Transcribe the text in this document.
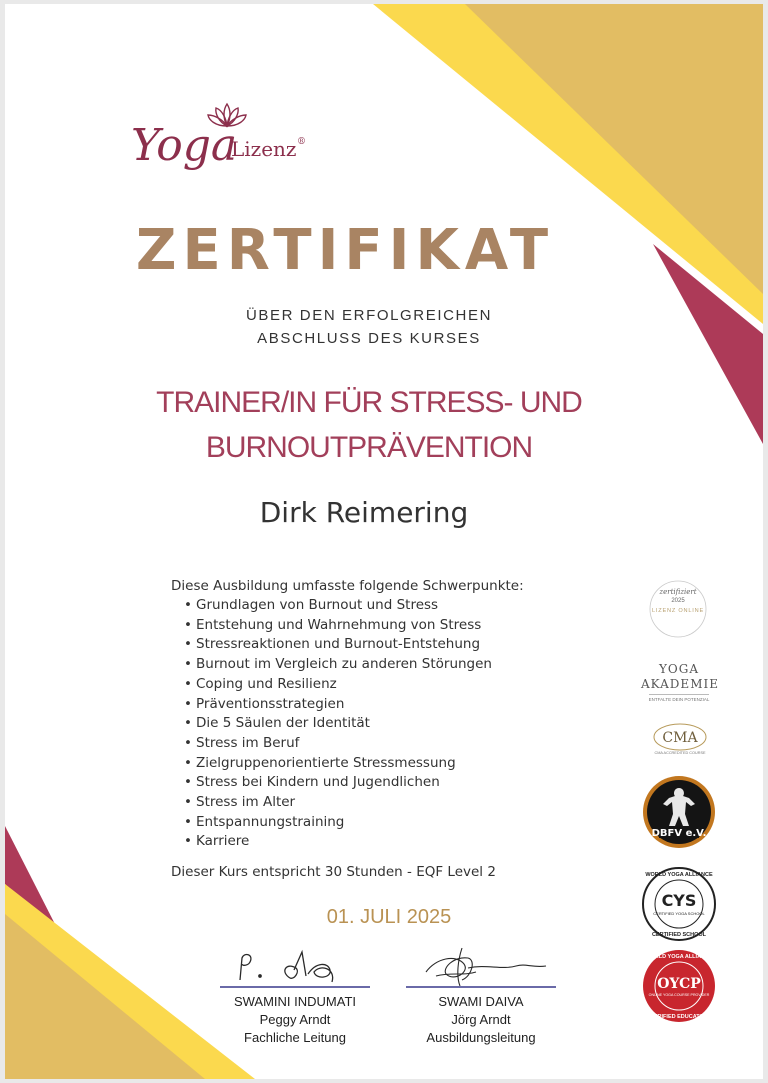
Yoga
Lizenz ®
ZERTIFIKAT
ÜBER DEN ERFOLGREICHEN
ABSCHLUSS DES KURSES
TRAINER/IN FÜR STRESS- UND
BURNOUTPRÄVENTION
Dirk Reimering
Diese Ausbildung umfasste folgende Schwerpunkte:
• Grundlagen von Burnout und Stress
• Entstehung und Wahrnehmung von Stress
• Stressreaktionen und Burnout-Entstehung
• Burnout im Vergleich zu anderen Störungen
• Coping und Resilienz
• Präventionsstrategien
• Die 5 Säulen der Identität
• Stress im Beruf
• Zielgruppenorientierte Stressmessung
• Stress bei Kindern und Jugendlichen
• Stress im Alter
• Entspannungstraining
• Karriere
Dieser Kurs entspricht 30 Stunden - EQF Level 2
01. JULI 2025
SWAMINI INDUMATI
Peggy Arndt
Fachliche Leitung
SWAMI DAIVA
Jörg Arndt
Ausbildungsleitung
zertifiziert
2025
LIZENZ ONLINE
YOGA
AKADEMIE
ENTFALTE DEIN POTENZIAL
CMA
CMA ACCREDITED COURSE
DBFV e.V.
WORLD YOGA ALLIANCE
CYS
CERTIFIED YOGA SCHOOL
CERTIFIED SCHOOL
WORLD YOGA ALLIANCE
OYCP
ONLINE YOGA COURSE PROVIDER
VERIFIED EDUCATOR
